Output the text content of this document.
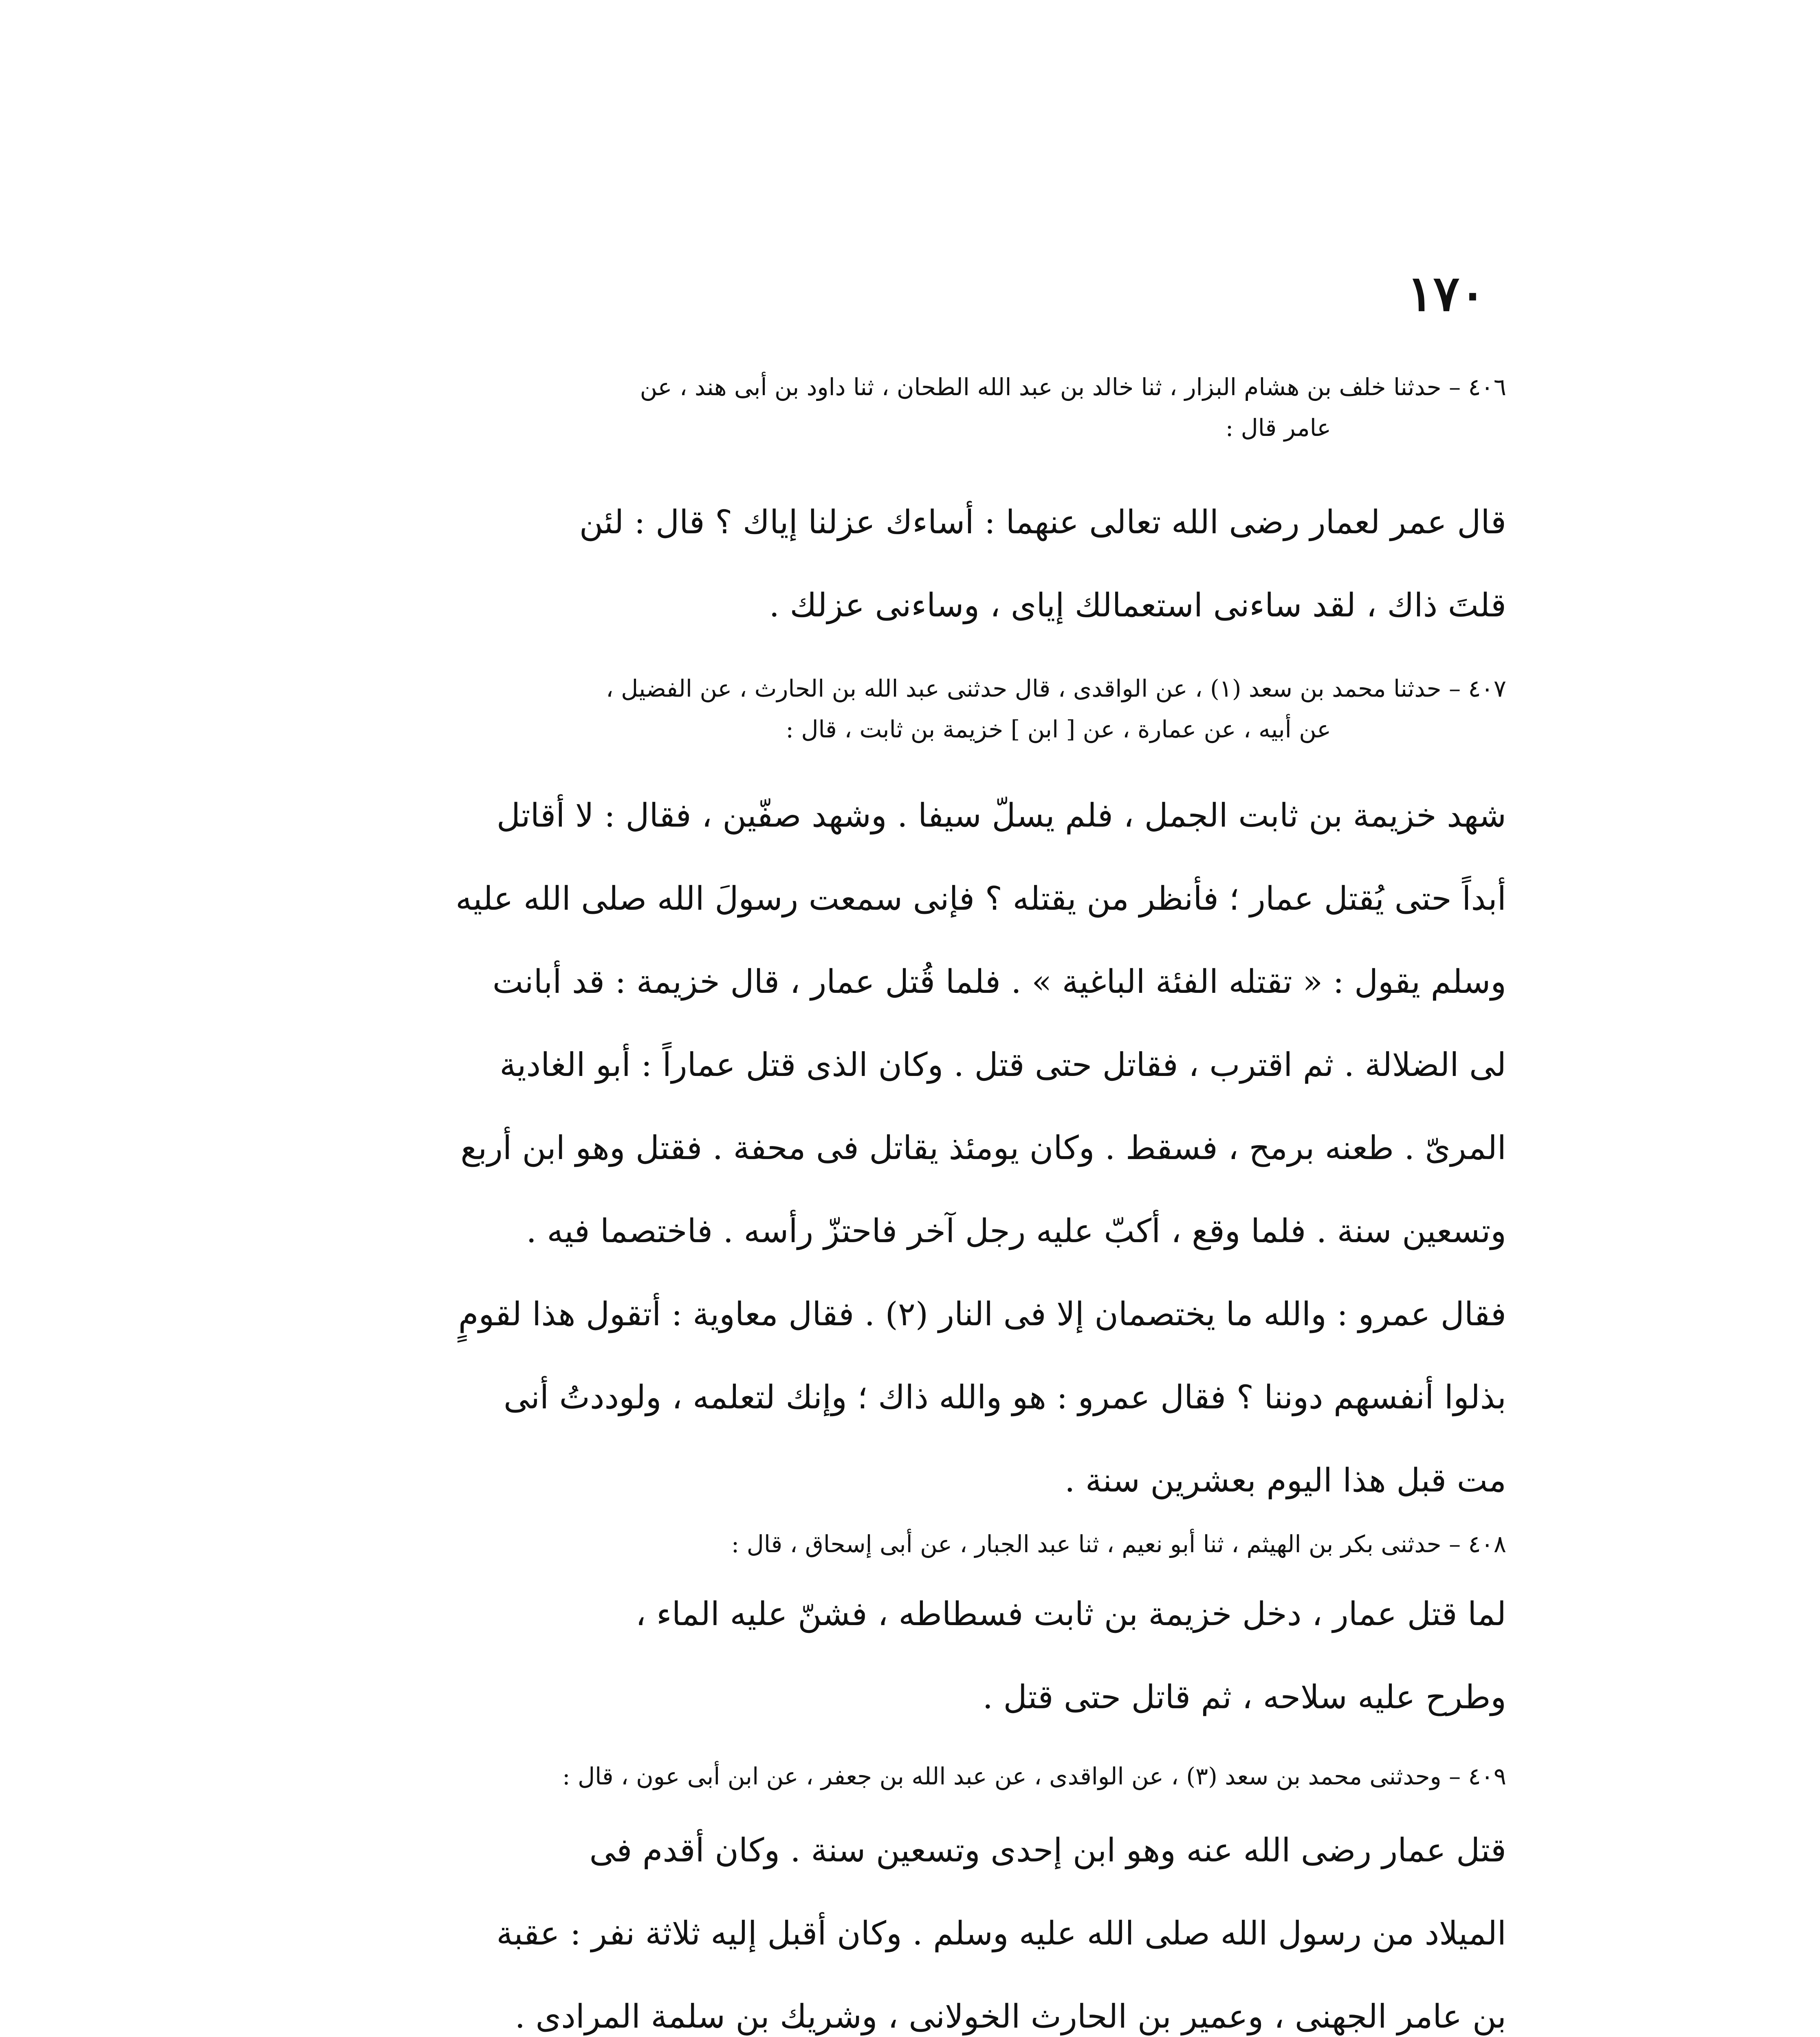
١٧٠
٤٠٦ – حدثنا خلف بن هشام البزار ، ثنا خالد بن عبد الله الطحان ، ثنا داود بن أبى هند ، عن
عامر قال :
قال عمر لعمار رضى الله تعالى عنهما : أساءك عزلنا إياك ؟ قال : لئن
قلتَ ذاك ، لقد ساءنى استعمالك إياى ، وساءنى عزلك .
٤٠٧ – حدثنا محمد بن سعد (١) ، عن الواقدى ، قال حدثنى عبد الله بن الحارث ، عن الفضيل ،
عن أبيه ، عن عمارة ، عن [ ابن ] خزيمة بن ثابت ، قال :
شهد خزيمة بن ثابت الجمل ، فلم يسلّ سيفا . وشهد صفّين ، فقال : لا أقاتل
أبداً حتى يُقتل عمار ؛ فأنظر من يقتله ؟ فإنى سمعت رسولَ الله صلى الله عليه
وسلم يقول : « تقتله الفئة الباغية » . فلما قُتل عمار ، قال خزيمة : قد أبانت
لى الضلالة . ثم اقترب ، فقاتل حتى قتل . وكان الذى قتل عماراً : أبو الغادية
المرىّ . طعنه برمح ، فسقط . وكان يومئذ يقاتل فى محفة . فقتل وهو ابن أربع
وتسعين سنة . فلما وقع ، أكبّ عليه رجل آخر فاحتزّ رأسه . فاختصما فيه .
فقال عمرو : والله ما يختصمان إلا فى النار (٢) . فقال معاوية : أتقول هذا لقومٍ
بذلوا أنفسهم دوننا ؟ فقال عمرو : هو والله ذاك ؛ وإنك لتعلمه ، ولوددتُ أنى
مت قبل هذا اليوم بعشرين سنة .
٤٠٨ – حدثنى بكر بن الهيثم ، ثنا أبو نعيم ، ثنا عبد الجبار ، عن أبى إسحاق ، قال :
لما قتل عمار ، دخل خزيمة بن ثابت فسطاطه ، فشنّ عليه الماء ،
وطرح عليه سلاحه ، ثم قاتل حتى قتل .
٤٠٩ – وحدثنى محمد بن سعد (٣) ، عن الواقدى ، عن عبد الله بن جعفر ، عن ابن أبى عون ، قال :
قتل عمار رضى الله عنه وهو ابن إحدى وتسعين سنة . وكان أقدم فى
الميلاد من رسول الله صلى الله عليه وسلم . وكان أقبل إليه ثلاثة نفر : عقبة
بن عامر الجهنى ، وعمير بن الحارث الخولانى ، وشريك بن سلمة المرادى .
